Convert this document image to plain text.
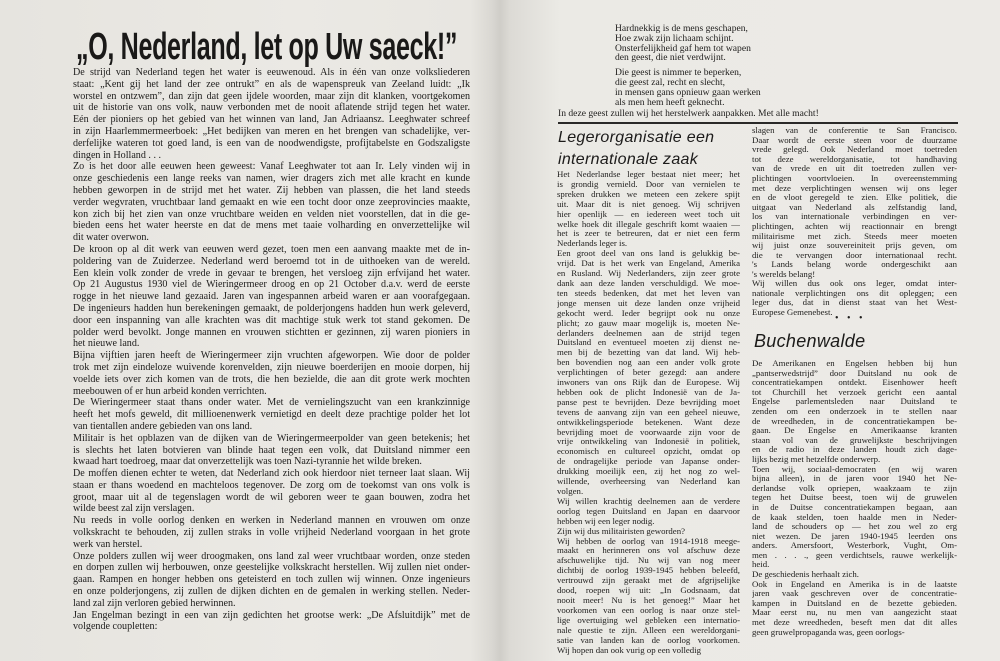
„O, Nederland, let op Uw saeck!”
De strijd van Nederland tegen het water is eeuwenoud. Als in één van onze volksliederen
staat: „Kent gij het land der zee ontrukt” en als de wapenspreuk van Zeeland luidt: „Ik
worstel en ontzwem”, dan zijn dat geen ijdele woorden, maar zijn dit klanken, voortgekomen
uit de historie van ons volk, nauw verbonden met de nooit aflatende strijd tegen het water.
Eén der pioniers op het gebied van het winnen van land, Jan Adriaansz. Leeghwater schreef
in zijn Haarlemmermeerboek: „Het bedijken van meren en het brengen van schadelijke, ver-
derfelijke wateren tot goed land, is een van de noodwendigste, profijtabelste en Godszaligste
dingen in Holland . . .
Zo is het door alle eeuwen heen geweest: Vanaf Leeghwater tot aan Ir. Lely vinden wij in
onze geschiedenis een lange reeks van namen, wier dragers zich met alle kracht en kunde
hebben geworpen in de strijd met het water. Zij hebben van plassen, die het land steeds
verder wegvraten, vruchtbaar land gemaakt en wie een tocht door onze zeeprovincies maakte,
kon zich bij het zien van onze vruchtbare weiden en velden niet voorstellen, dat in die ge-
bieden eens het water heerste en dat de mens met taaie volharding en onverzettelijke wil
dit water overwon.
De kroon op al dit werk van eeuwen werd gezet, toen men een aanvang maakte met de in-
poldering van de Zuiderzee. Nederland werd beroemd tot in de uithoeken van de wereld.
Een klein volk zonder de vrede in gevaar te brengen, het versloeg zijn erfvijand het water.
Op 21 Augustus 1930 viel de Wieringermeer droog en op 21 October d.a.v. werd de eerste
rogge in het nieuwe land gezaaid. Jaren van ingespannen arbeid waren er aan voorafgegaan.
De ingenieurs hadden hun berekeningen gemaakt, de polderjongens hadden hun werk geleverd,
door een inspanning van alle krachten was dit machtige stuk werk tot stand gekomen. De
polder werd bevolkt. Jonge mannen en vrouwen stichtten er gezinnen, zij waren pioniers in
het nieuwe land.
Bijna vijftien jaren heeft de Wieringermeer zijn vruchten afgeworpen. Wie door de polder
trok met zijn eindeloze wuivende korenvelden, zijn nieuwe boerderijen en mooie dorpen, hij
voelde iets over zich komen van de trots, die hen bezielde, die aan dit grote werk mochten
meebouwen of er hun arbeid konden verrichten.
De Wieringermeer staat thans onder water. Met de vernielingszucht van een krankzinnige
heeft het mofs geweld, dit millioenenwerk vernietigd en deelt deze prachtige polder het lot
van tientallen andere gebieden van ons land.
Militair is het opblazen van de dijken van de Wieringermeerpolder van geen betekenis; het
is slechts het laten botvieren van blinde haat tegen een volk, dat Duitsland nimmer een
kwaad hart toedroeg, maar dat onverzettelijk was toen Nazi-tyrannie het wilde breken.
De moffen dienen echter te weten, dat Nederland zich ook hierdoor niet terneer laat slaan. Wij
staan er thans woedend en machteloos tegenover. De zorg om de toekomst van ons volk is
groot, maar uit al de tegenslagen wordt de wil geboren weer te gaan bouwen, zodra het
wilde beest zal zijn verslagen.
Nu reeds in volle oorlog denken en werken in Nederland mannen en vrouwen om onze
volkskracht te behouden, zij zullen straks in volle vrijheid Nederland voorgaan in het grote
werk van herstel.
Onze polders zullen wij weer droogmaken, ons land zal weer vruchtbaar worden, onze steden
en dorpen zullen wij herbouwen, onze geestelijke volkskracht herstellen. Wij zullen niet onder-
gaan. Rampen en honger hebben ons geteisterd en toch zullen wij winnen. Onze ingenieurs
en onze polderjongens, zij zullen de dijken dichten en de gemalen in werking stellen. Neder-
land zal zijn verloren gebied herwinnen.
Jan Engelman bezingt in een van zijn gedichten het grootse werk: „De Afsluitdijk” met de
volgende coupletten:
Hardnekkig is de mens geschapen,
Hoe zwak zijn lichaam schijnt.
Onsterfelijkheid gaf hem tot wapen
den geest, die niet verdwijnt.
Die geest is nimmer te beperken,
die geest zal, recht en slecht,
in mensen gans opnieuw gaan werken
als men hem heeft geknecht.
In deze geest zullen wij het herstelwerk aanpakken. Met alle macht!
Legerorganisatie een
internationale zaak
Het Nederlandse leger bestaat niet meer; het
is grondig vernield. Door van vernielen te
spreken drukken we meteen een zekere spijt
uit. Maar dit is niet genoeg. Wij schrijven
hier openlijk — en iedereen weet toch uit
welke hoek dit illegale geschrift komt waaien —
het is zeer te betreuren, dat er niet een ferm
Nederlands leger is.
Een groot deel van ons land is gelukkig be-
vrijd. Dat is het werk van Engeland, Amerika
en Rusland. Wij Nederlanders, zijn zeer grote
dank aan deze landen verschuldigd. We moe-
ten steeds bedenken, dat met het leven van
jonge mensen uit deze landen onze vrijheid
gekocht werd. Ieder begrijpt ook nu onze
plicht; zo gauw maar mogelijk is, moeten Ne-
derlanders deelnemen aan de strijd tegen
Duitsland en eventueel moeten zij dienst ne-
men bij de bezetting van dat land. Wij heb-
ben bovendien nog aan een ander volk grote
verplichtingen of beter gezegd: aan andere
inwoners van ons Rijk dan de Europese. Wij
hebben ook de plicht Indonesië van de Ja-
panse pest te bevrijden. Deze bevrijding moet
tevens de aanvang zijn van een geheel nieuwe,
ontwikkelingsperiode betekenen. Want deze
bevrijding moet de voorwaarde zijn voor de
vrije ontwikkeling van Indonesië in politiek,
economisch en cultureel opzicht, omdat op
de ondragelijke periode van Japanse onder-
drukking moeilijk een, zij het nog zo wel-
willende, overheersing van Nederland kan
volgen.
Wij willen krachtig deelnemen aan de verdere
oorlog tegen Duitsland en Japan en daarvoor
hebben wij een leger nodig.
Zijn wij dus militairisten geworden?
Wij hebben de oorlog van 1914-1918 meege-
maakt en herinneren ons vol afschuw deze
afschuwelijke tijd. Nu wij van nog meer
dichtbij de oorlog 1939-1945 hebben beleefd,
vertrouwd zijn geraakt met de afgrijselijke
dood, roepen wij uit: „In Godsnaam, dat
nooit meer! Nu is het genoeg!” Maar het
voorkomen van een oorlog is naar onze stel-
lige overtuiging wel gebleken een internatio-
nale questie te zijn. Alleen een wereldorgani-
satie van landen kan de oorlog voorkomen.
Wij hopen dan ook vurig op een volledig
slagen van de conferentie te San Francisco.
Daar wordt de eerste steen voor de duurzame
vrede gelegd. Ook Nederland moet toetreden
tot deze wereldorganisatie, tot handhaving
van de vrede en uit dit toetreden zullen ver-
plichtingen voortvloeien. In overeenstemming
met deze verplichtingen wensen wij ons leger
en de vloot geregeld te zien. Elke politiek, die
uitgaat van Nederland als zelfstandig land,
los van internationale verbindingen en ver-
plichtingen, achten wij reactionnair en brengt
militairisme met zich. Steeds meer moeten
wij juist onze souvereiniteit prijs geven, om
die te vervangen door internationaal recht.
's Lands belang worde ondergeschikt aan
's werelds belang!
Wij willen dus ook ons leger, omdat inter-
nationale verplichtingen ons dit opleggen; een
leger dus, dat in dienst staat van het West-
Europese Gemenebest.
• • •
Buchenwalde
De Amerikanen en Engelsen hebben bij hun
„pantserwedstrijd” door Duitsland nu ook de
concentratiekampen ontdekt. Eisenhower heeft
tot Churchill het verzoek gericht een aantal
Engelse parlementsleden naar Duitsland te
zenden om een onderzoek in te stellen naar
de wreedheden, in de concentratiekampen be-
gaan. De Engelse en Amerikaanse kranten
staan vol van de gruwelijkste beschrijvingen
en de radio in deze landen houdt zich dage-
lijks bezig met hetzelfde onderwerp.
Toen wij, sociaal-democraten (en wij waren
bijna alleen), in de jaren voor 1940 het Ne-
derlandse volk opriepen, waakzaam te zijn
tegen het Duitse beest, toen wij de gruwelen
in de Duitse concentratiekampen begaan, aan
de kaak stelden, toen haalde men in Neder-
land de schouders op — het zou wel zo erg
niet wezen. De jaren 1940-1945 leerden ons
anders. Amersfoort, Westerbork, Vught, Om-
men . . . ., geen verdichtsels, rauwe werkelijk-
heid.
De geschiedenis herhaalt zich.
Ook in Engeland en Amerika is in de laatste
jaren vaak geschreven over de concentratie-
kampen in Duitsland en de bezette gebieden.
Maar eerst nu, nu men van aangezicht staat
met deze wreedheden, beseft men dat dit alles
geen gruwelpropaganda was, geen oorlogs-
